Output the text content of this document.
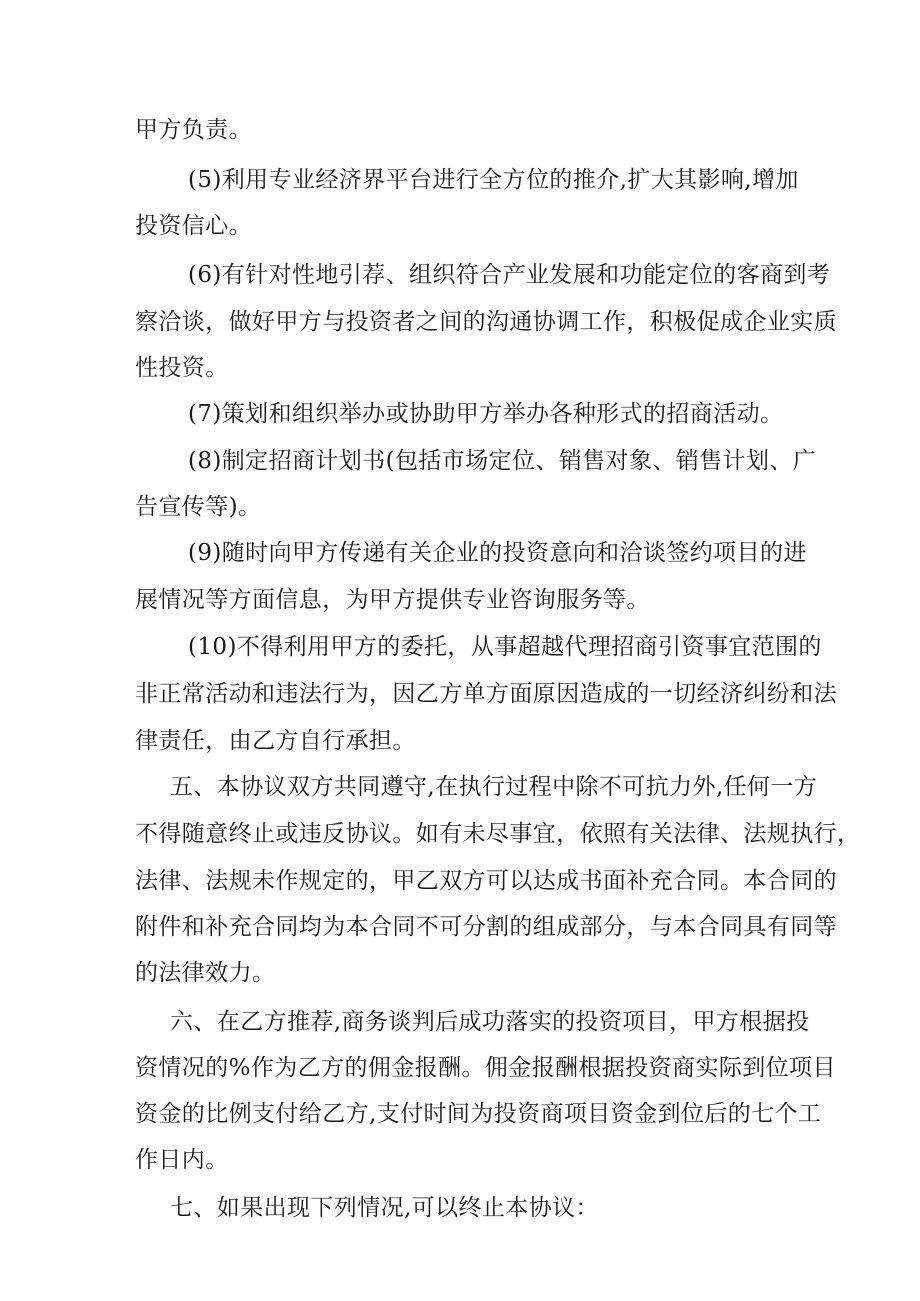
甲方负责。
(5)利用专业经济界平台进行全方位的推介,扩大其影响,增加
投资信心。
(6)有针对性地引荐、组织符合产业发展和功能定位的客商到考
察洽谈，做好甲方与投资者之间的沟通协调工作，积极促成企业实质
性投资。
(7)策划和组织举办或协助甲方举办各种形式的招商活动。
(8)制定招商计划书(包括市场定位、销售对象、销售计划、广
告宣传等)。
(9)随时向甲方传递有关企业的投资意向和洽谈签约项目的进
展情况等方面信息，为甲方提供专业咨询服务等。
(10)不得利用甲方的委托，从事超越代理招商引资事宜范围的
非正常活动和违法行为，因乙方单方面原因造成的一切经济纠纷和法
律责任，由乙方自行承担。
五、本协议双方共同遵守,在执行过程中除不可抗力外,任何一方
不得随意终止或违反协议。如有未尽事宜，依照有关法律、法规执行，
法律、法规未作规定的，甲乙双方可以达成书面补充合同。本合同的
附件和补充合同均为本合同不可分割的组成部分，与本合同具有同等
的法律效力。
六、在乙方推荐,商务谈判后成功落实的投资项目，甲方根据投
资情况的%作为乙方的佣金报酬。佣金报酬根据投资商实际到位项目
资金的比例支付给乙方,支付时间为投资商项目资金到位后的七个工
作日内。
七、如果出现下列情况,可以终止本协议：
